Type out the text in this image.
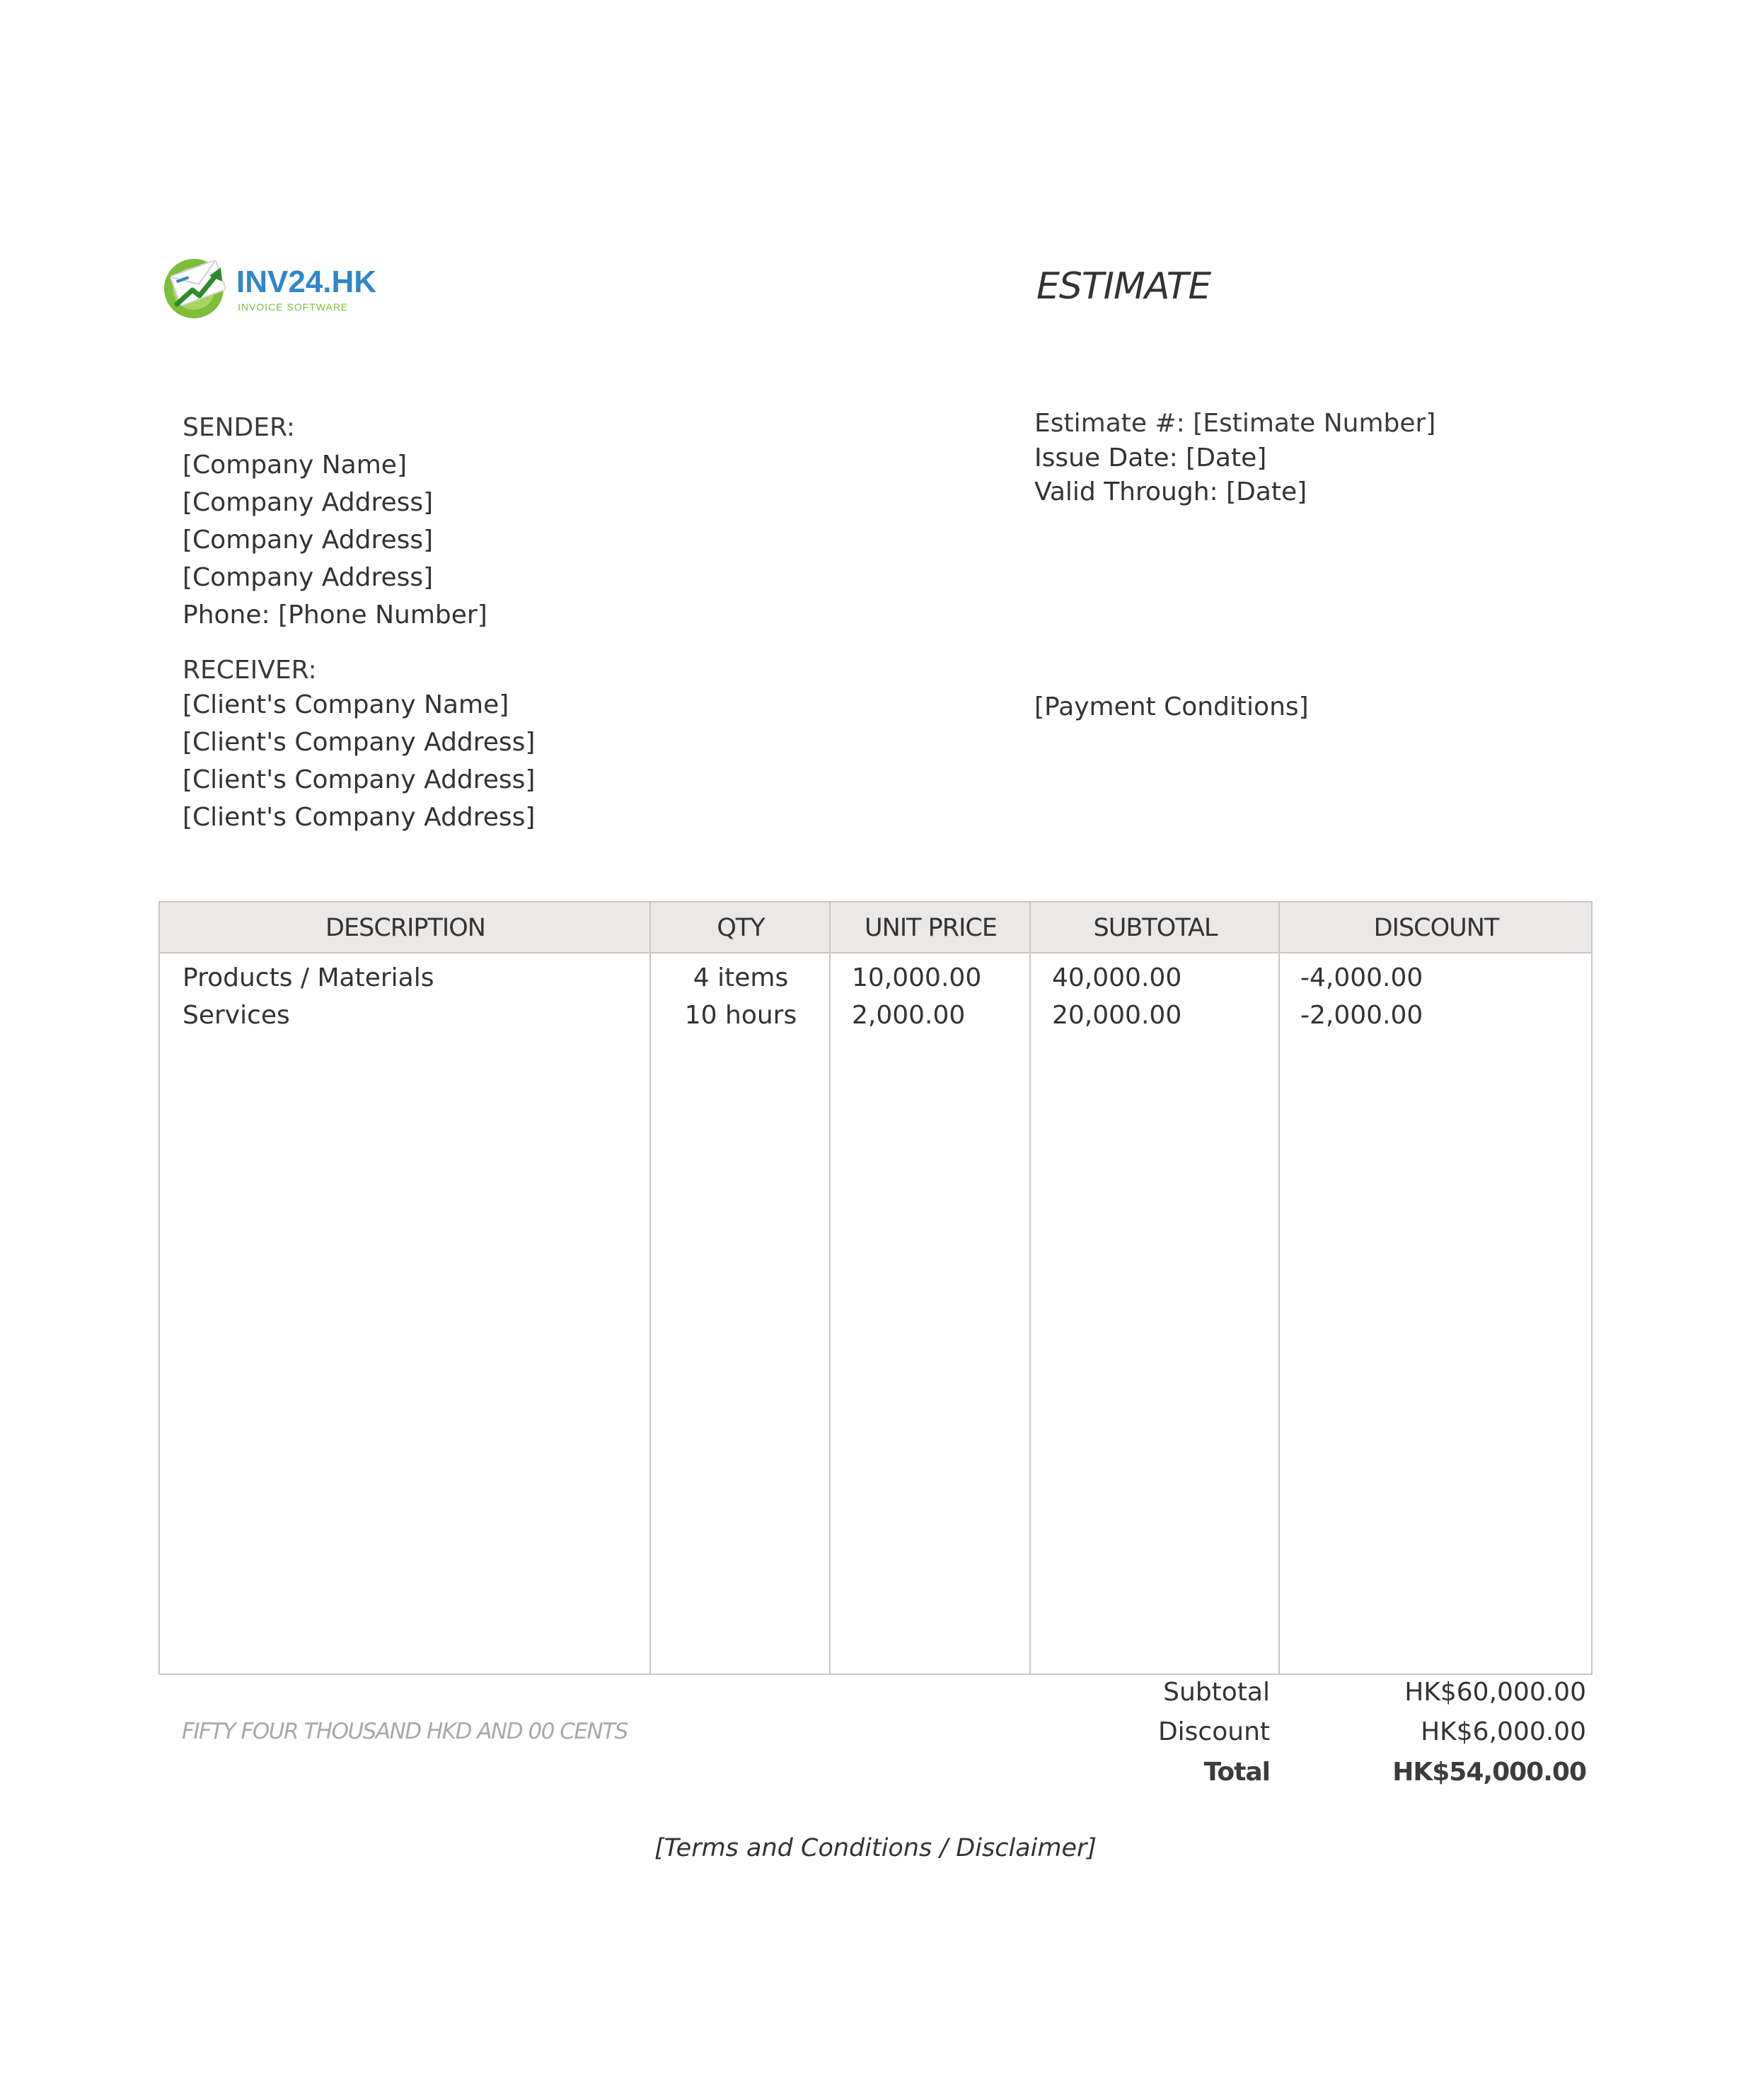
INV24.HK
INVOICE SOFTWARE	ESTIMATE
SENDER:
[Company Name]
[Company Address]
[Company Address]
[Company Address]
Phone: [Phone Number]
RECEIVER:
[Client's Company Name]
[Client's Company Address]
[Client's Company Address]
[Client's Company Address]
Estimate #: [Estimate Number]
Issue Date: [Date]
Valid Through: [Date]
[Payment Conditions]
DESCRIPTION	QTY	UNIT PRICE	SUBTOTAL	DISCOUNT
Products / Materials	4 items	10,000.00	40,000.00	-4,000.00
Services	10 hours	2,000.00	20,000.00	-2,000.00
FIFTY FOUR THOUSAND HKD AND 00 CENTS
Subtotal	HK$60,000.00
Discount	HK$6,000.00
Total	HK$54,000.00
[Terms and Conditions / Disclaimer]
